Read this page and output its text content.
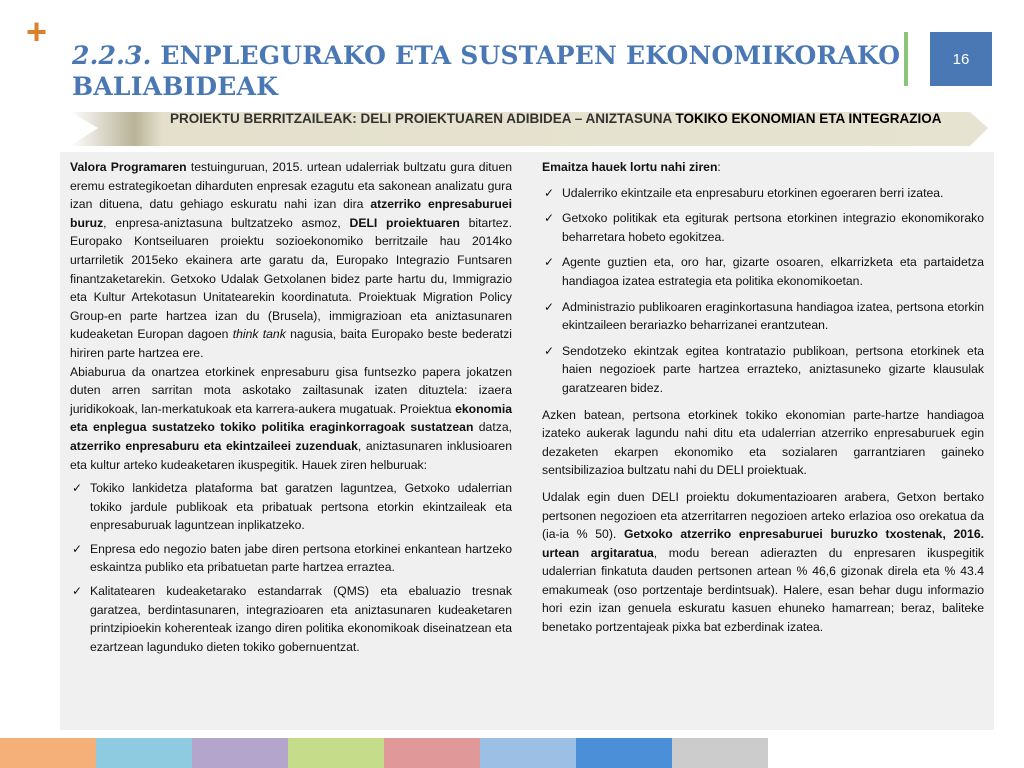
+
2.2.3. ENPLEGURAKO ETA SUSTAPEN EKONOMIKORAKO BALIABIDEAK
16
PROIEKTU BERRITZAILEAK: DELI PROIEKTUAREN ADIBIDEA – ANIZTASUNA TOKIKO EKONOMIAN ETA INTEGRAZIOA

Valora Programaren testuinguruan, 2015. urtean udalerriak bultzatu gura dituen eremu estrategikoetan diharduten enpresak ezagutu eta sakonean analizatu gura izan dituena, datu gehiago eskuratu nahi izan dira atzerriko enpresaburuei buruz, enpresa-aniztasuna bultzatzeko asmoz, DELI proiektuaren bitartez. Europako Kontseiluaren proiektu sozioekonomiko berritzaile hau 2014ko urtarriletik 2015eko ekainera arte garatu da, Europako Integrazio Funtsaren finantzaketarekin. Getxoko Udalak Getxolanen bidez parte hartu du, Immigrazio eta Kultur Artekotasun Unitatearekin koordinatuta. Proiektuak Migration Policy Group-en parte hartzea izan du (Brusela), immigrazioan eta aniztasunaren kudeaketan Europan dagoen think tank nagusia, baita Europako beste bederatzi hiriren parte hartzea ere.

Abiaburua da onartzea etorkinek enpresaburu gisa funtsezko papera jokatzen duten arren sarritan mota askotako zailtasunak izaten dituztela: izaera juridikokoak, lan-merkatukoak eta karrera-aukera mugatuak. Proiektua ekonomia eta enplegua sustatzeko tokiko politika eraginkorragoak sustatzean datza, atzerriko enpresaburu eta ekintzaileei zuzenduak, aniztasunaren inklusioaren eta kultur arteko kudeaketaren ikuspegitik. Hauek ziren helburuak:

✓ Tokiko lankidetza plataforma bat garatzen laguntzea, Getxoko udalerrian tokiko jardule publikoak eta pribatuak pertsona etorkin ekintzaileak eta enpresaburuak laguntzean inplikatzeko.
✓ Enpresa edo negozio baten jabe diren pertsona etorkinei enkantean hartzeko eskaintza publiko eta pribatuetan parte hartzea erraztea.
✓ Kalitatearen kudeaketarako estandarrak (QMS) eta ebaluazio tresnak garatzea, berdintasunaren, integrazioaren eta aniztasunaren kudeaketaren printzipioekin koherenteak izango diren politika ekonomikoak diseinatzean eta ezartzean lagunduko dieten tokiko gobernuentzat.

Emaitza hauek lortu nahi ziren:

✓ Udalerriko ekintzaile eta enpresaburu etorkinen egoeraren berri izatea.
✓ Getxoko politikak eta egiturak pertsona etorkinen integrazio ekonomikorako beharretara hobeto egokitzea.
✓ Agente guztien eta, oro har, gizarte osoaren, elkarrizketa eta partaidetza handiagoa izatea estrategia eta politika ekonomikoetan.
✓ Administrazio publikoaren eraginkortasuna handiagoa izatea, pertsona etorkin ekintzaileen berariazko beharrizanei erantzutean.
✓ Sendotzeko ekintzak egitea kontratazio publikoan, pertsona etorkinek eta haien negozioek parte hartzea errazteko, aniztasuneko gizarte klausulak garatzearen bidez.

Azken batean, pertsona etorkinek tokiko ekonomian parte-hartze handiagoa izateko aukerak lagundu nahi ditu eta udalerrian atzerriko enpresaburuek egin dezaketen ekarpen ekonomiko eta sozialaren garrantziaren gaineko sentsibilizazioa bultzatu nahi du DELI proiektuak.

Udalak egin duen DELI proiektu dokumentazioaren arabera, Getxon bertako pertsonen negozioen eta atzerritarren negozioen arteko erlazioa oso orekatua da (ia-ia % 50). Getxoko atzerriko enpresaburuei buruzko txostenak, 2016. urtean argitaratua, modu berean adierazten du enpresaren ikuspegitik udalerrian finkatuta dauden pertsonen artean % 46,6 gizonak direla eta % 43.4 emakumeak (oso portzentaje berdintsuak). Halere, esan behar dugu informazio hori ezin izan genuela eskuratu kasuen ehuneko hamarrean; beraz, baliteke benetako portzentajeak pixka bat ezberdinak izatea.
